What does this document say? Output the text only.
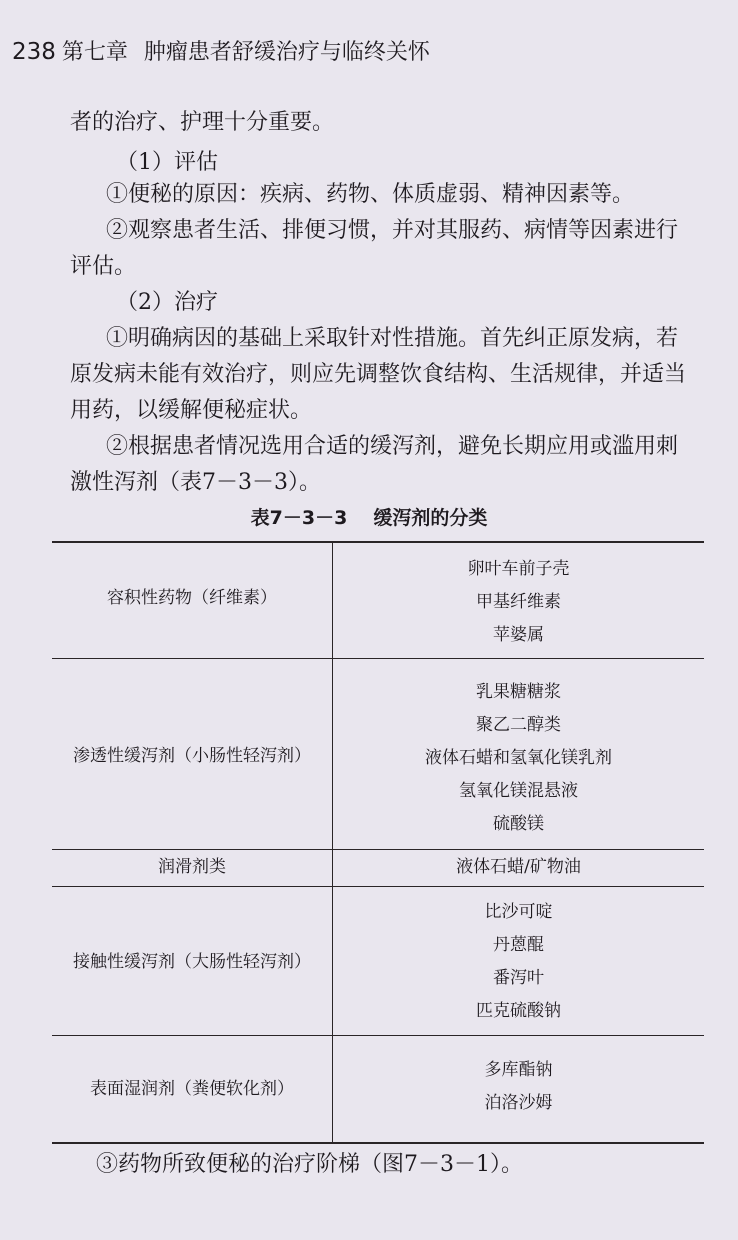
238 第七章 肿瘤患者舒缓治疗与临终关怀
者的治疗、护理十分重要。
（1）评估
①便秘的原因：疾病、药物、体质虚弱、精神因素等。
②观察患者生活、排便习惯，并对其服药、病情等因素进行
评估。
（2）治疗
①明确病因的基础上采取针对性措施。首先纠正原发病，若
原发病未能有效治疗，则应先调整饮食结构、生活规律，并适当
用药，以缓解便秘症状。
②根据患者情况选用合适的缓泻剂，避免长期应用或滥用刺
激性泻剂（表7－3－3）。
表7－3－3 缓泻剂的分类
容积性药物（纤维素）
卵叶车前子壳
甲基纤维素
苹婆属
渗透性缓泻剂（小肠性轻泻剂）
乳果糖糖浆
聚乙二醇类
液体石蜡和氢氧化镁乳剂
氢氧化镁混悬液
硫酸镁
润滑剂类	液体石蜡/矿物油
接触性缓泻剂（大肠性轻泻剂）
比沙可啶
丹蒽醌
番泻叶
匹克硫酸钠
表面湿润剂（粪便软化剂）
多库酯钠
泊洛沙姆
③药物所致便秘的治疗阶梯（图7－3－1）。
